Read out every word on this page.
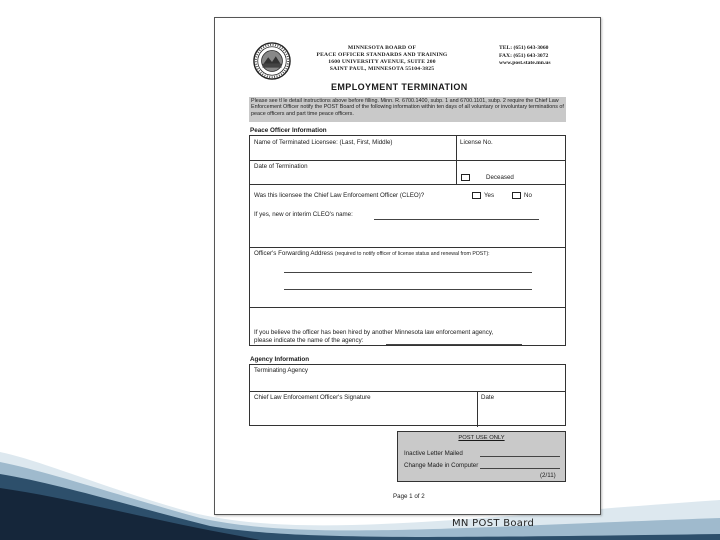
MINNESOTA BOARD OF
PEACE OFFICER STANDARDS AND TRAINING
1600 UNIVERSITY AVENUE, SUITE 200
SAINT PAUL, MINNESOTA 55104-3825
TEL: (651) 643-3060
FAX: (651) 643-3072
www.post.state.mn.us
EMPLOYMENT TERMINATION
Please see tl le detail instructions above before filling. Minn. R. 6700.1400, subp. 1 and 6700.1101, subp. 2 require the Chief Law Enforcement Officer notify the POST Board of the following information within ten days of all voluntary or involuntary terminations of peace officers and part time peace officers.
Peace Officer Information
Name of Terminated Licensee: (Last, First, Middle)	License No.
Date of Termination
Deceased
Was this licensee the Chief Law Enforcement Officer (CLEO)?	Yes	No
If yes, new or interim CLEO's name:
Officer's Forwarding Address (required to notify officer of license status and renewal from POST):
If you believe the officer has been hired by another Minnesota law enforcement agency,
please indicate the name of the agency:
Agency Information
Terminating Agency
Chief Law Enforcement Officer's Signature	Date
POST USE ONLY
Inactive Letter Mailed
Change Made in Computer
(2/11)
Page 1 of 2
MN POST Board
